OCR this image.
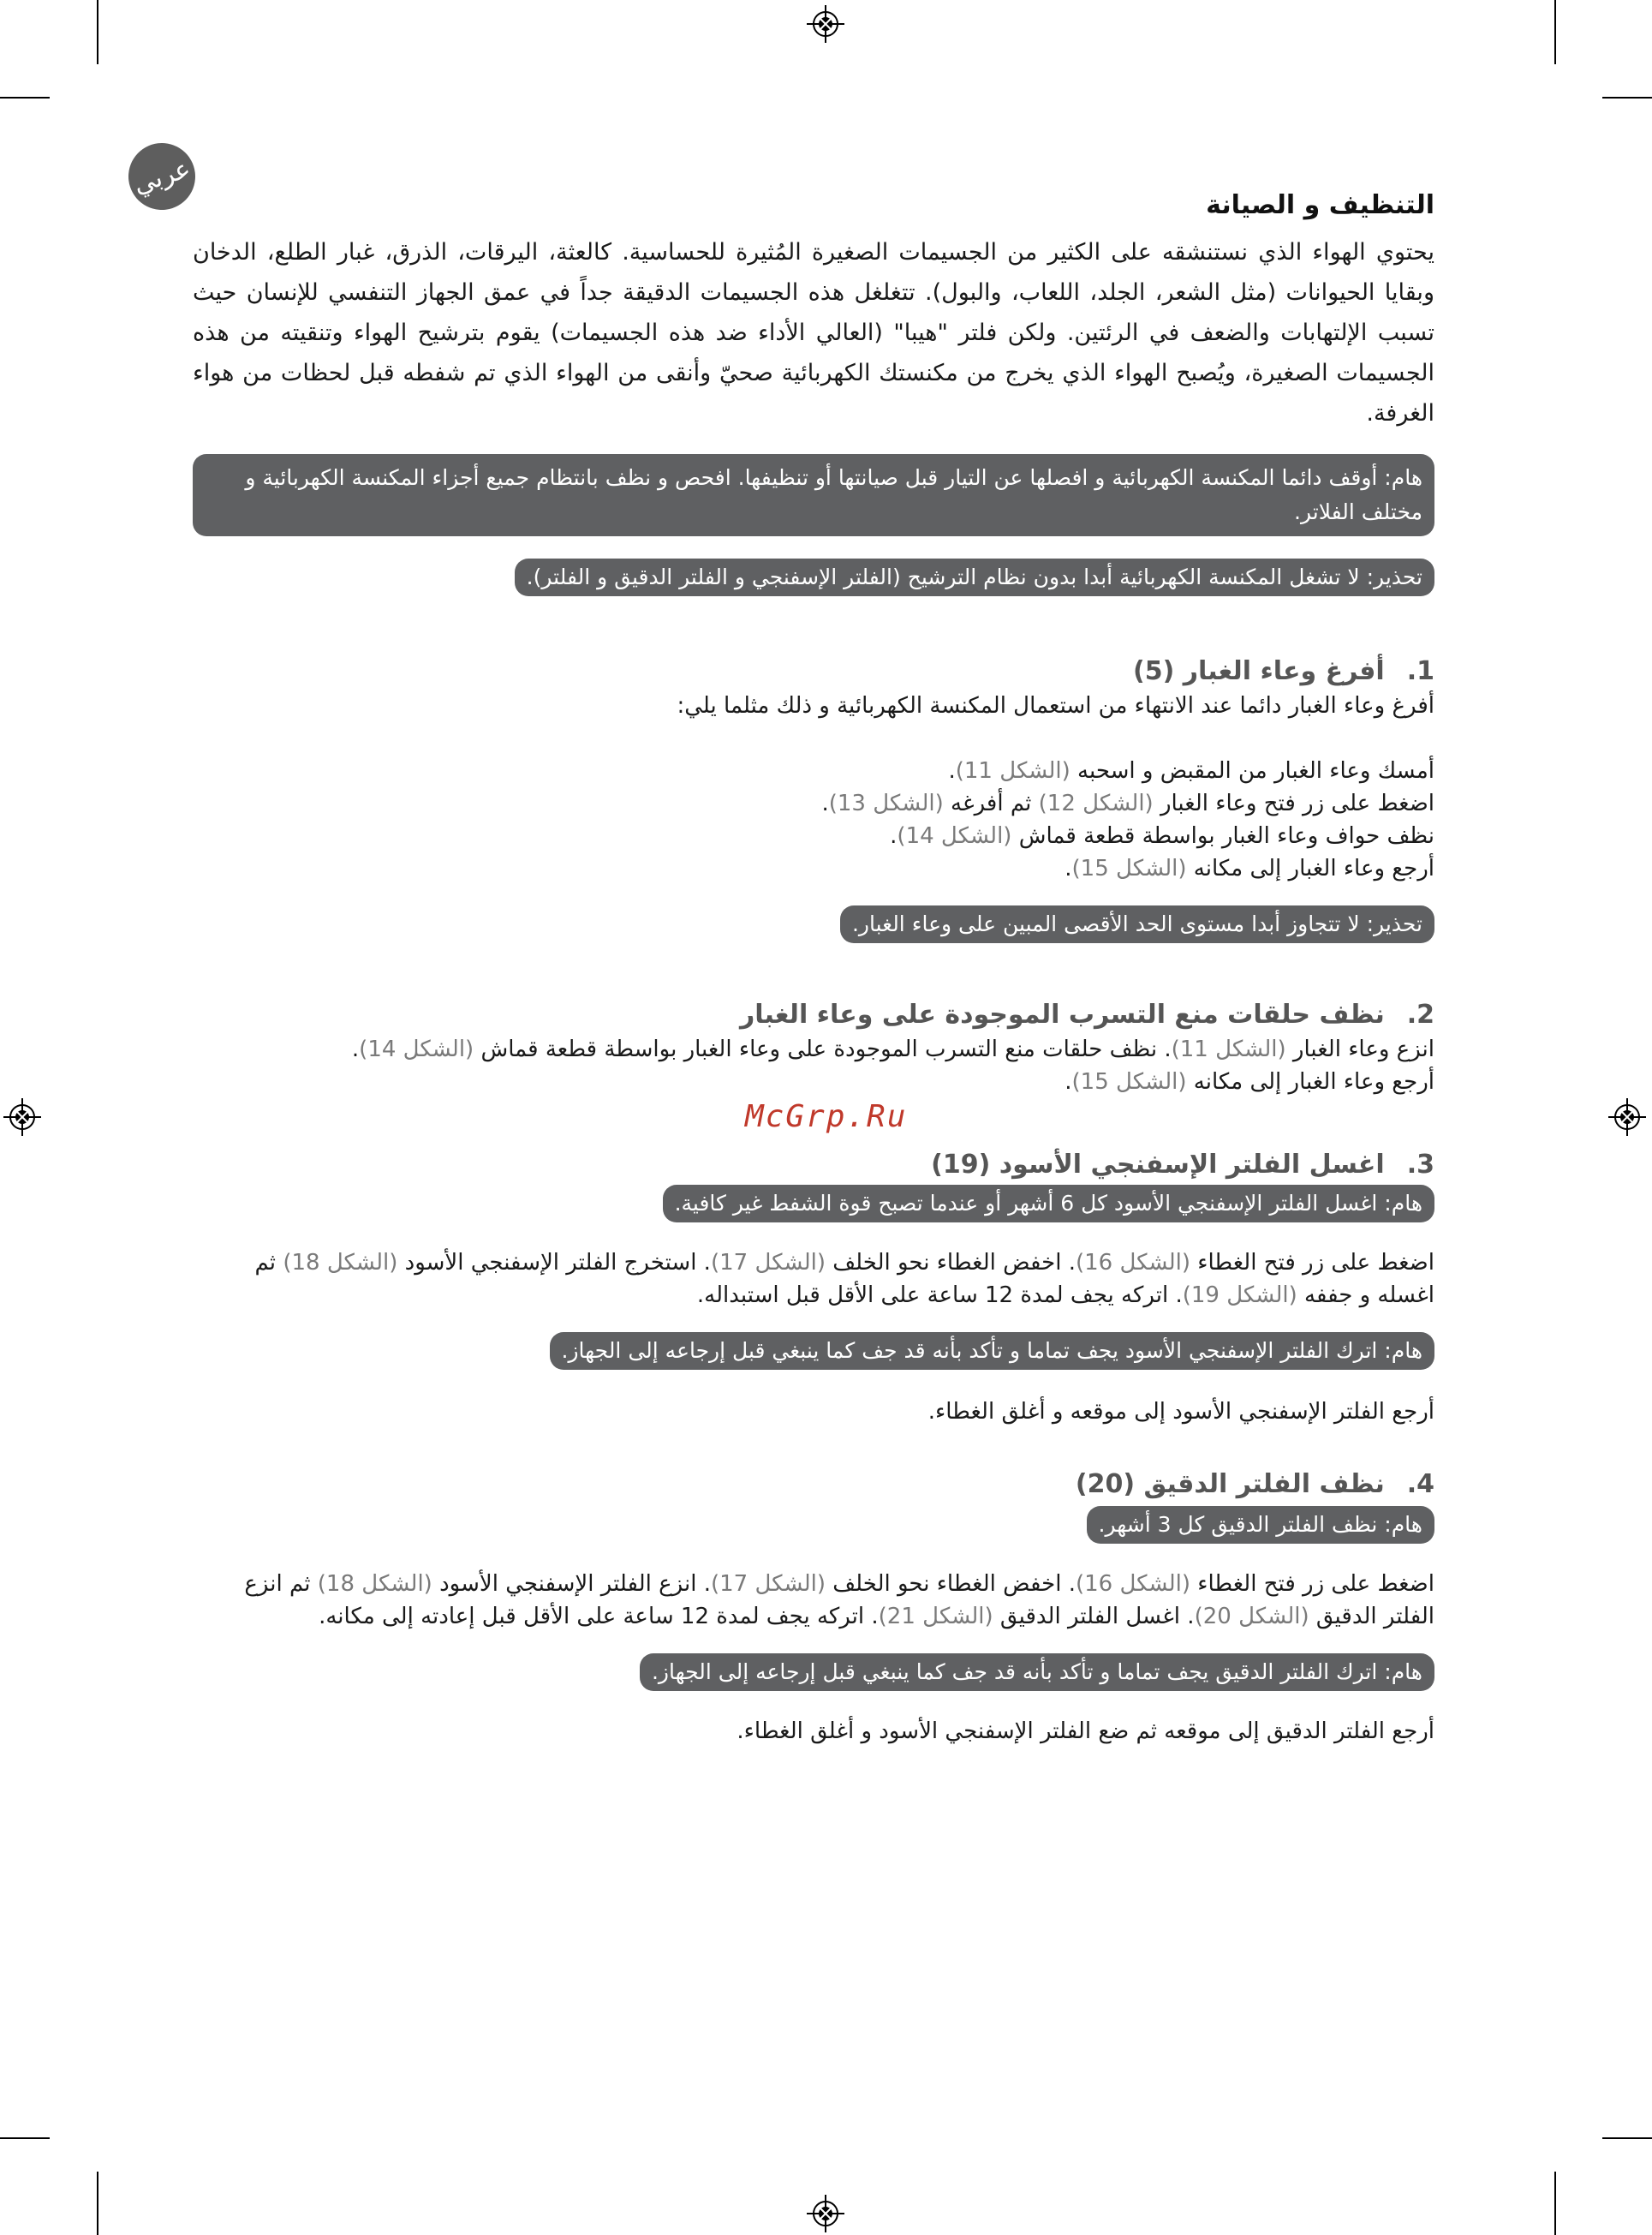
عربي
McGrp.Ru
التنظيف و الصيانة

يحتوي الهواء الذي نستنشقه على الكثير من الجسيمات الصغيرة المُثيرة للحساسية. كالعثة، اليرقات، الذرق، غبار الطلع، الدخان وبقايا الحيوانات (مثل الشعر، الجلد، اللعاب، والبول). تتغلغل هذه الجسيمات الدقيقة جداً في عمق الجهاز التنفسي للإنسان حيث تسبب الإلتهابات والضعف في الرئتين. ولكن فلتر "هيبا" (العالي الأداء ضد هذه الجسيمات) يقوم بترشيح الهواء وتنقيته من هذه الجسيمات الصغيرة، ويُصبح الهواء الذي يخرج من مكنستك الكهربائية صحيّ وأنقى من الهواء الذي تم شفطه قبل لحظات من هواء الغرفة.

هام: أوقف دائما المكنسة الكهربائية و افصلها عن التيار قبل صيانتها أو تنظيفها. افحص و نظف بانتظام جميع أجزاء المكنسة الكهربائية و مختلف الفلاتر.
تحذير: لا تشغل المكنسة الكهربائية أبدا بدون نظام الترشيح (الفلتر الإسفنجي و الفلتر الدقيق و الفلتر).
1.أفرغ وعاء الغبار (5)

أفرغ وعاء الغبار دائما عند الانتهاء من استعمال المكنسة الكهربائية و ذلك مثلما يلي:

أمسك وعاء الغبار من المقبض و اسحبه (الشكل 11).

اضغط على زر فتح وعاء الغبار (الشكل 12) ثم أفرغه (الشكل 13).

نظف حواف وعاء الغبار بواسطة قطعة قماش (الشكل 14).

أرجع وعاء الغبار إلى مكانه (الشكل 15).

تحذير: لا تتجاوز أبدا مستوى الحد الأقصى المبين على وعاء الغبار.
2.نظف حلقات منع التسرب الموجودة على وعاء الغبار

انزع وعاء الغبار (الشكل 11). نظف حلقات منع التسرب الموجودة على وعاء الغبار بواسطة قطعة قماش (الشكل 14).

أرجع وعاء الغبار إلى مكانه (الشكل 15).

3.اغسل الفلتر الإسفنجي الأسود (19)
هام: اغسل الفلتر الإسفنجي الأسود كل 6 أشهر أو عندما تصبح قوة الشفط غير كافية.

اضغط على زر فتح الغطاء (الشكل 16). اخفض الغطاء نحو الخلف (الشكل 17). استخرج الفلتر الإسفنجي الأسود (الشكل 18) ثم اغسله و جففه (الشكل 19). اتركه يجف لمدة 12 ساعة على الأقل قبل استبداله.

هام: اترك الفلتر الإسفنجي الأسود يجف تماما و تأكد بأنه قد جف كما ينبغي قبل إرجاعه إلى الجهاز.

أرجع الفلتر الإسفنجي الأسود إلى موقعه و أغلق الغطاء.

4.نظف الفلتر الدقيق (20)
هام: نظف الفلتر الدقيق كل 3 أشهر.

اضغط على زر فتح الغطاء (الشكل 16). اخفض الغطاء نحو الخلف (الشكل 17). انزع الفلتر الإسفنجي الأسود (الشكل 18) ثم انزع الفلتر الدقيق (الشكل 20). اغسل الفلتر الدقيق (الشكل 21). اتركه يجف لمدة 12 ساعة على الأقل قبل إعادته إلى مكانه.

هام: اترك الفلتر الدقيق يجف تماما و تأكد بأنه قد جف كما ينبغي قبل إرجاعه إلى الجهاز.

أرجع الفلتر الدقيق إلى موقعه ثم ضع الفلتر الإسفنجي الأسود و أغلق الغطاء.
